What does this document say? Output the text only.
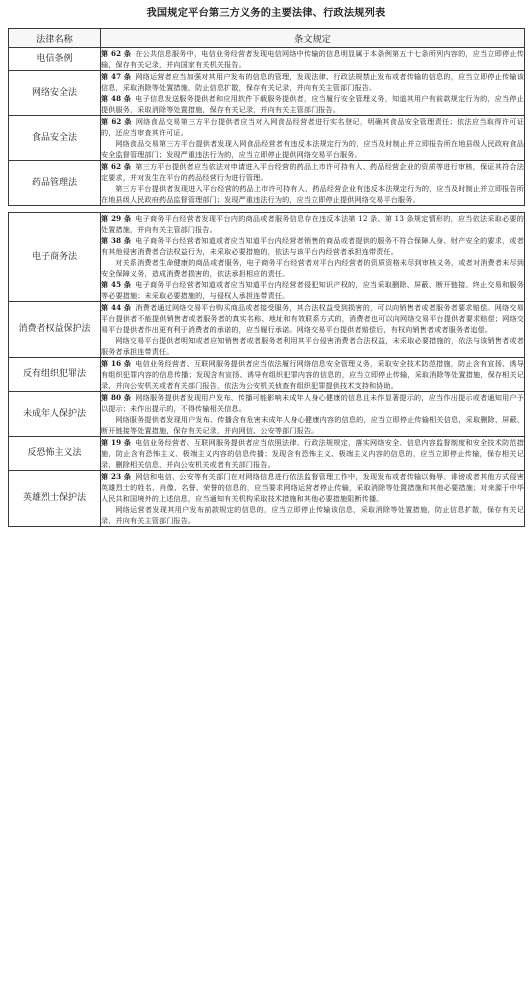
我国规定平台第三方义务的主要法律、行政法规列表
法律名称	条文规定
电信条例	第 62 条 在公共信息服务中，电信业务经营者发现电信网络中传输的信息明显属于本条例第五十七条所列内容的，应当立即停止传输，保存有关记录，并向国家有关机关报告。

网络安全法	第 47 条 网络运营者应当加强对其用户发布的信息的管理，发现法律、行政法规禁止发布或者传输的信息的，应当立即停止传输该信息，采取消除等处置措施，防止信息扩散，保存有关记录，并向有关主管部门报告。

第 48 条 电子信息发送服务提供者和应用软件下载服务提供者，应当履行安全管理义务，知道其用户有前款规定行为的，应当停止提供服务，采取消除等处置措施，保存有关记录，并向有关主管部门报告。

食品安全法	第 62 条 网络食品交易第三方平台提供者应当对入网食品经营者进行实名登记，明确其食品安全管理责任；依法应当取得许可证的，还应当审查其许可证。

网络食品交易第三方平台提供者发现入网食品经营者有违反本法规定行为的，应当及时制止并立即报告所在地县级人民政府食品安全监督管理部门；发现严重违法行为的，应当立即停止提供网络交易平台服务。

药品管理法	第 62 条 第三方平台提供者应当依法对申请进入平台经营的药品上市许可持有人、药品经营企业的资质等进行审核，保证其符合法定要求，并对发生在平台的药品经营行为进行管理。

第三方平台提供者发现进入平台经营的药品上市许可持有人、药品经营企业有违反本法规定行为的，应当及时制止并立即报告所在地县级人民政府药品监督管理部门；发现严重违法行为的，应当立即停止提供网络交易平台服务。

电子商务法	第 29 条 电子商务平台经营者发现平台内的商品或者服务信息存在违反本法第 12 条、第 13 条规定情形的，应当依法采取必要的处置措施，并向有关主管部门报告。

第 38 条 电子商务平台经营者知道或者应当知道平台内经营者销售的商品或者提供的服务不符合保障人身、财产安全的要求，或者有其他侵害消费者合法权益行为，未采取必要措施的，依法与该平台内经营者承担连带责任。

对关系消费者生命健康的商品或者服务，电子商务平台经营者对平台内经营者的资质资格未尽到审核义务，或者对消费者未尽到安全保障义务，造成消费者损害的，依法承担相应的责任。

第 45 条 电子商务平台经营者知道或者应当知道平台内经营者侵犯知识产权的，应当采取删除、屏蔽、断开链接、终止交易和服务等必要措施；未采取必要措施的，与侵权人承担连带责任。

消费者权益保护法	第 44 条 消费者通过网络交易平台购买商品或者接受服务，其合法权益受到损害的，可以向销售者或者服务者要求赔偿。网络交易平台提供者不能提供销售者或者服务者的真实名称、地址和有效联系方式的，消费者也可以向网络交易平台提供者要求赔偿；网络交易平台提供者作出更有利于消费者的承诺的，应当履行承诺。网络交易平台提供者赔偿后，有权向销售者或者服务者追偿。

网络交易平台提供者明知或者应知销售者或者服务者利用其平台侵害消费者合法权益，未采取必要措施的，依法与该销售者或者服务者承担连带责任。

反有组织犯罪法	第 16 条 电信业务经营者、互联网服务提供者应当依法履行网络信息安全管理义务，采取安全技术防范措施，防止含有宣扬、诱导有组织犯罪内容的信息传播；发现含有宣扬、诱导有组织犯罪内容的信息的，应当立即停止传输，采取消除等处置措施，保存相关记录，并向公安机关或者有关部门报告，依法为公安机关侦查有组织犯罪提供技术支持和协助。

未成年人保护法	第 80 条 网络服务提供者发现用户发布、传播可能影响未成年人身心健康的信息且未作显著提示的，应当作出提示或者通知用户予以提示；未作出提示的，不得传输相关信息。

网络服务提供者发现用户发布、传播含有危害未成年人身心健康内容的信息的，应当立即停止传输相关信息，采取删除、屏蔽、断开链接等处置措施，保存有关记录，并向网信、公安等部门报告。

反恐怖主义法	第 19 条 电信业务经营者、互联网服务提供者应当依照法律、行政法规规定，落实网络安全、信息内容监督制度和安全技术防范措施，防止含有恐怖主义、极端主义内容的信息传播；发现含有恐怖主义、极端主义内容的信息的，应当立即停止传输，保存相关记录，删除相关信息，并向公安机关或者有关部门报告。

英雄烈士保护法	第 23 条 网信和电信、公安等有关部门在对网络信息进行依法监督管理工作中，发现发布或者传输以侮辱、诽谤或者其他方式侵害英雄烈士的姓名、肖像、名誉、荣誉的信息的，应当要求网络运营者停止传输，采取消除等处置措施和其他必要措施；对来源于中华人民共和国境外的上述信息，应当通知有关机构采取技术措施和其他必要措施阻断传播。

网络运营者发现其用户发布前款规定的信息的，应当立即停止传输该信息，采取消除等处置措施，防止信息扩散，保存有关记录，并向有关主管部门报告。
